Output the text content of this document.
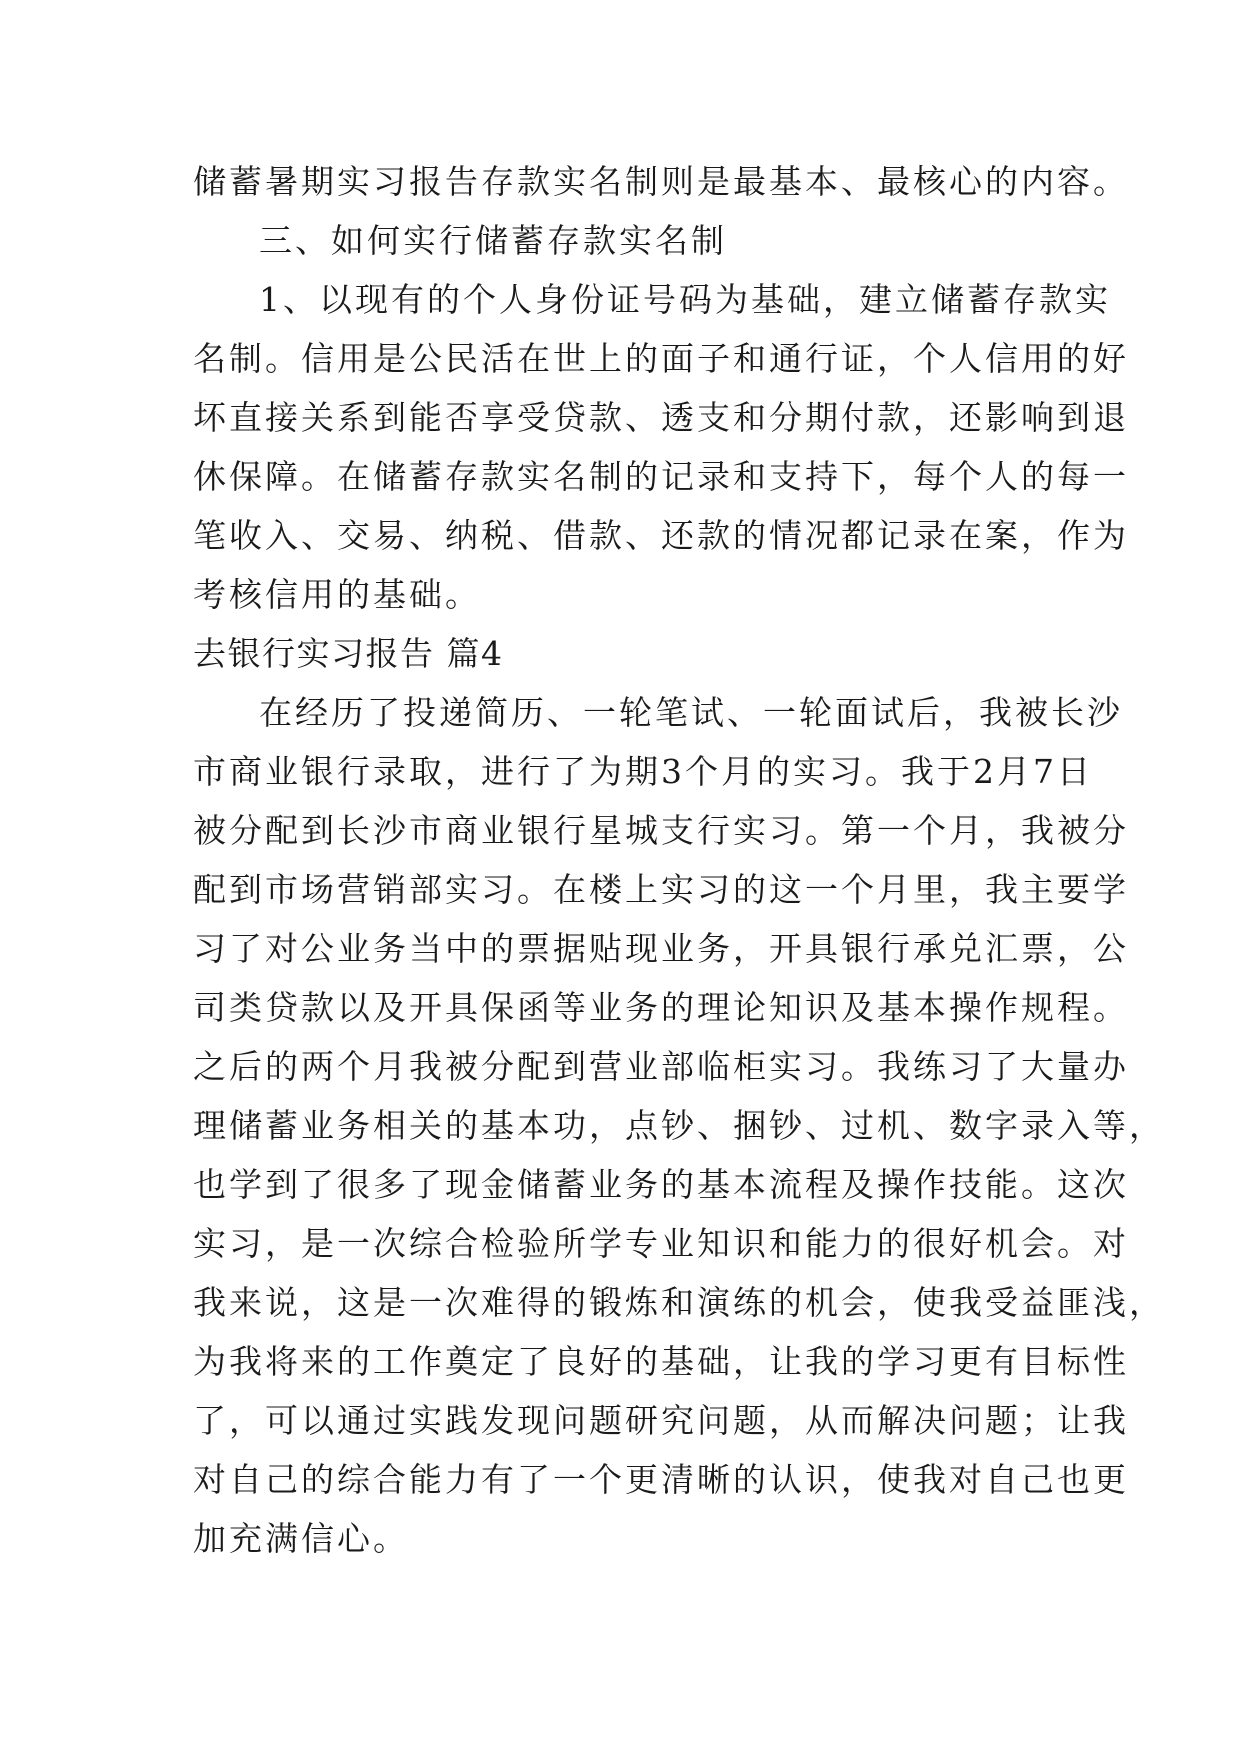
储蓄暑期实习报告存款实名制则是最基本、最核心的内容。
三、如何实行储蓄存款实名制
1、以现有的个人身份证号码为基础，建立储蓄存款实
名制。信用是公民活在世上的面子和通行证，个人信用的好
坏直接关系到能否享受贷款、透支和分期付款，还影响到退
休保障。在储蓄存款实名制的记录和支持下，每个人的每一
笔收入、交易、纳税、借款、还款的情况都记录在案，作为
考核信用的基础。
去银行实习报告 篇4
在经历了投递简历、一轮笔试、一轮面试后，我被长沙
市商业银行录取，进行了为期3个月的实习。我于2月7日
被分配到长沙市商业银行星城支行实习。第一个月，我被分
配到市场营销部实习。在楼上实习的这一个月里，我主要学
习了对公业务当中的票据贴现业务，开具银行承兑汇票，公
司类贷款以及开具保函等业务的理论知识及基本操作规程。
之后的两个月我被分配到营业部临柜实习。我练习了大量办
理储蓄业务相关的基本功，点钞、捆钞、过机、数字录入等，
也学到了很多了现金储蓄业务的基本流程及操作技能。这次
实习，是一次综合检验所学专业知识和能力的很好机会。对
我来说，这是一次难得的锻炼和演练的机会，使我受益匪浅，
为我将来的工作奠定了良好的基础，让我的学习更有目标性
了，可以通过实践发现问题研究问题，从而解决问题；让我
对自己的综合能力有了一个更清晰的认识，使我对自己也更
加充满信心。
